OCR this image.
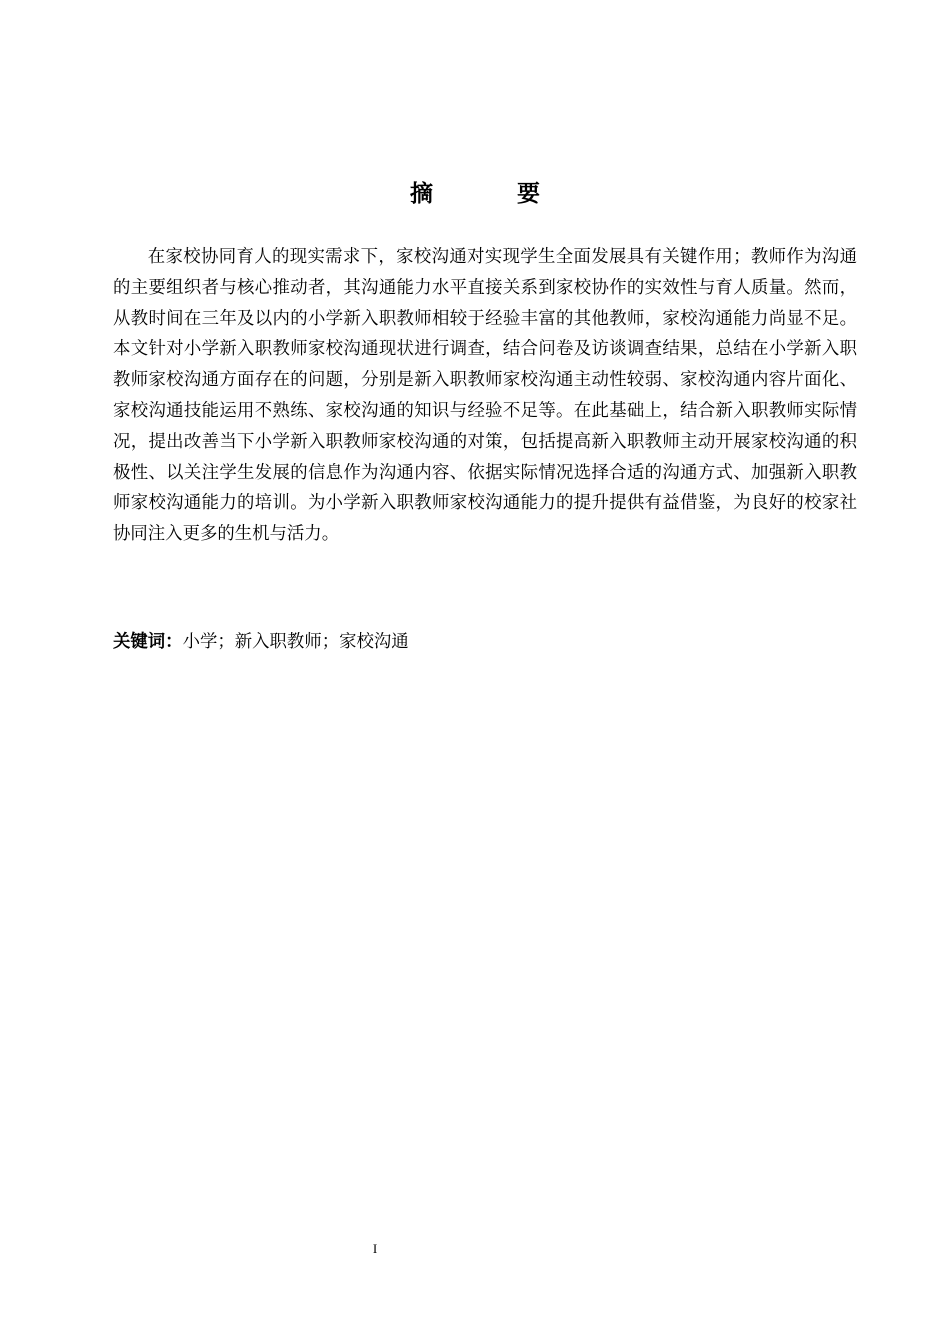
摘 要

在家校协同育人的现实需求下，家校沟通对实现学生全面发展具有关键作用；教师作为沟通的主要组织者与核心推动者，其沟通能力水平直接关系到家校协作的实效性与育人质量。然而，从教时间在三年及以内的小学新入职教师相较于经验丰富的其他教师，家校沟通能力尚显不足。本文针对小学新入职教师家校沟通现状进行调查，结合问卷及访谈调查结果，总结在小学新入职教师家校沟通方面存在的问题，分别是新入职教师家校沟通主动性较弱、家校沟通内容片面化、家校沟通技能运用不熟练、家校沟通的知识与经验不足等。在此基础上，结合新入职教师实际情况，提出改善当下小学新入职教师家校沟通的对策，包括提高新入职教师主动开展家校沟通的积极性、以关注学生发展的信息作为沟通内容、依据实际情况选择合适的沟通方式、加强新入职教师家校沟通能力的培训。为小学新入职教师家校沟通能力的提升提供有益借鉴，为良好的校家社协同注入更多的生机与活力。

关键词：小学；新入职教师；家校沟通

I
